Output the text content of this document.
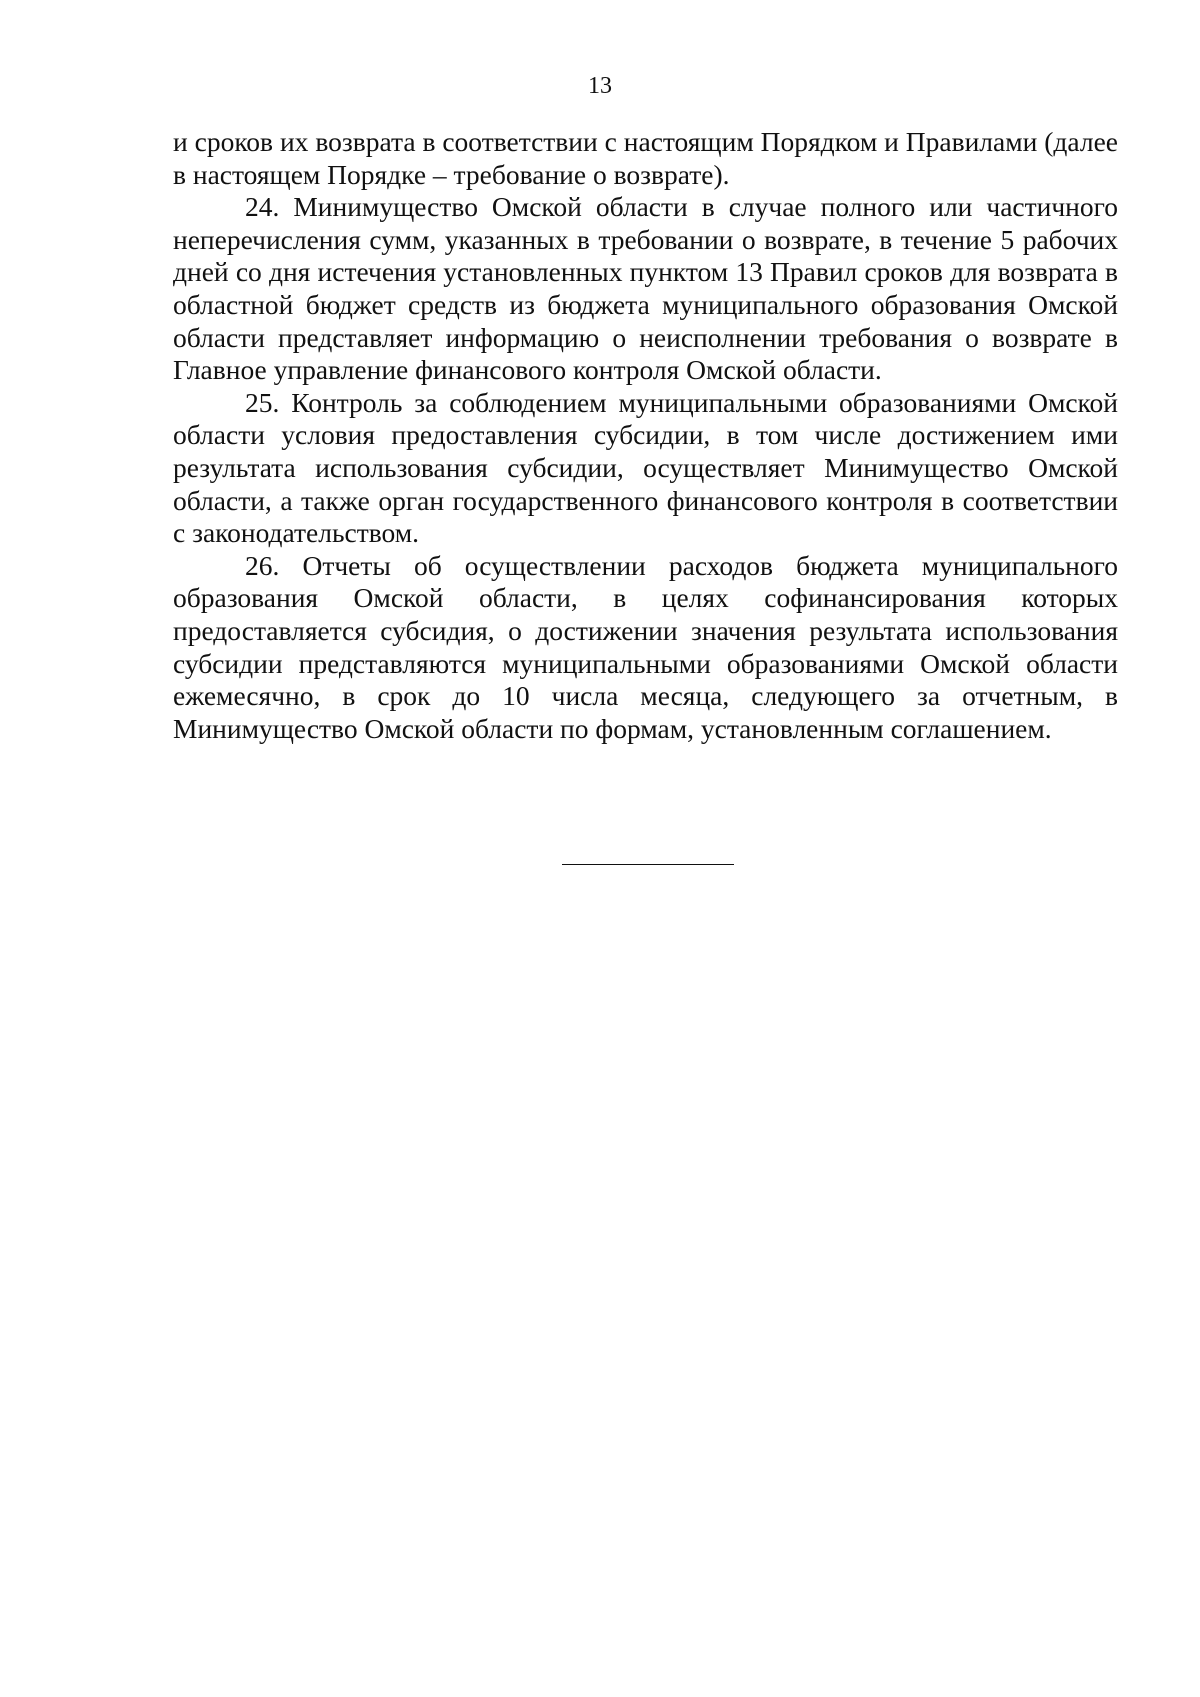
13

и сроков их возврата в соответствии с настоящим Порядком и Правилами (далее в настоящем Порядке – требование о возврате).

24. Минимущество Омской области в случае полного или частичного неперечисления сумм, указанных в требовании о возврате, в течение 5 рабочих дней со дня истечения установленных пунктом 13 Правил сроков для возврата в областной бюджет средств из бюджета муниципального образования Омской области представляет информацию о неисполнении требования о возврате в Главное управление финансового контроля Омской области.

25. Контроль за соблюдением муниципальными образованиями Омской области условия предоставления субсидии, в том числе достижением ими результата использования субсидии, осуществляет Минимущество Омской области, а также орган государственного финансового контроля в соответствии с законодательством.

26. Отчеты об осуществлении расходов бюджета муниципального образования Омской области, в целях софинансирования которых предоставляется субсидия, о достижении значения результата использования субсидии представляются муниципальными образованиями Омской области ежемесячно, в срок до 10 числа месяца, следующего за отчетным, в Минимущество Омской области по формам, установленным соглашением.
